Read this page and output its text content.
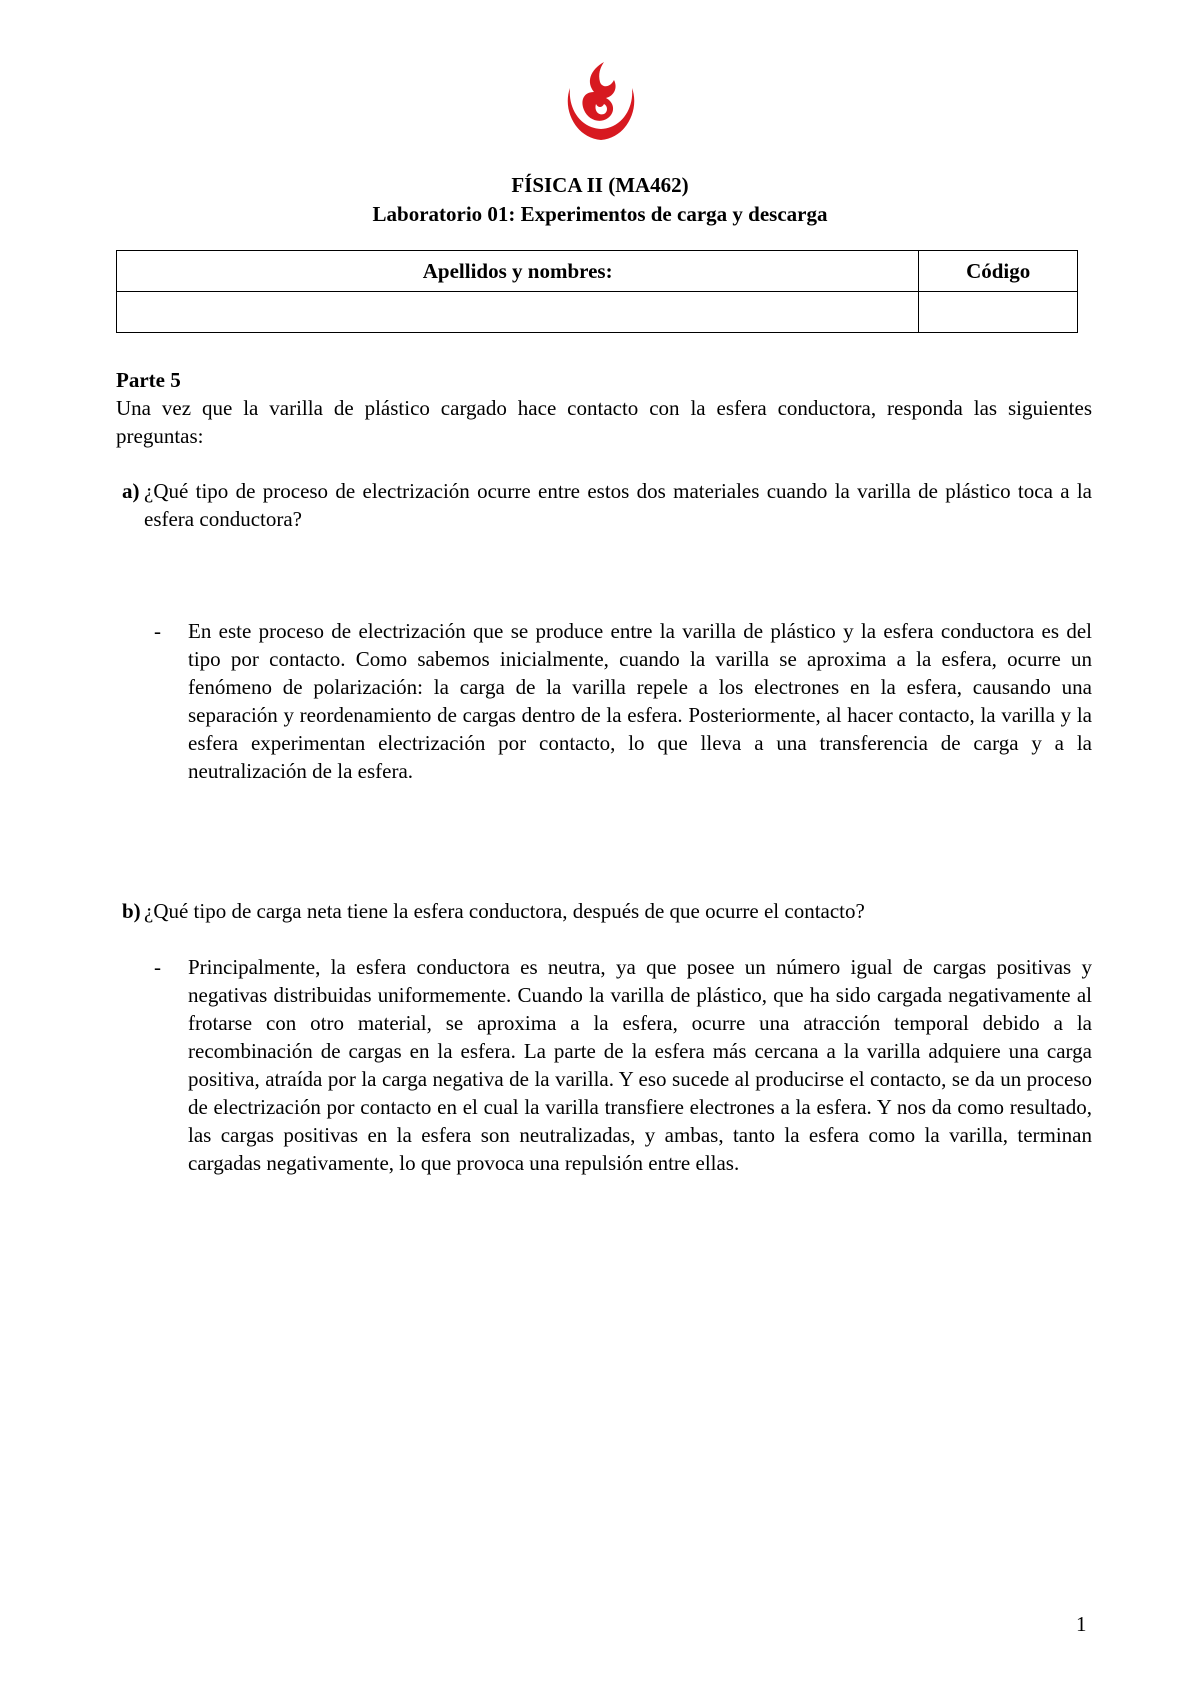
FÍSICA II (MA462)
Laboratorio 01: Experimentos de carga y descarga
Apellidos y nombres:	Código

Parte 5
Una vez que la varilla de plástico cargado hace contacto con la esfera conductora, responda las siguientes preguntas:
a) ¿Qué tipo de proceso de electrización ocurre entre estos dos materiales cuando la varilla de plástico toca a la esfera conductora?
- En este proceso de electrización que se produce entre la varilla de plástico y la esfera conductora es del tipo por contacto. Como sabemos inicialmente, cuando la varilla se aproxima a la esfera, ocurre un fenómeno de polarización: la carga de la varilla repele a los electrones en la esfera, causando una separación y reordenamiento de cargas dentro de la esfera. Posteriormente, al hacer contacto, la varilla y la esfera experimentan electrización por contacto, lo que lleva a una transferencia de carga y a la neutralización de la esfera.
b) ¿Qué tipo de carga neta tiene la esfera conductora, después de que ocurre el contacto?
- Principalmente, la esfera conductora es neutra, ya que posee un número igual de cargas positivas y negativas distribuidas uniformemente. Cuando la varilla de plástico, que ha sido cargada negativamente al frotarse con otro material, se aproxima a la esfera, ocurre una atracción temporal debido a la recombinación de cargas en la esfera. La parte de la esfera más cercana a la varilla adquiere una carga positiva, atraída por la carga negativa de la varilla. Y eso sucede al producirse el contacto, se da un proceso de electrización por contacto en el cual la varilla transfiere electrones a la esfera. Y nos da como resultado, las cargas positivas en la esfera son neutralizadas, y ambas, tanto la esfera como la varilla, terminan cargadas negativamente, lo que provoca una repulsión entre ellas.
1
